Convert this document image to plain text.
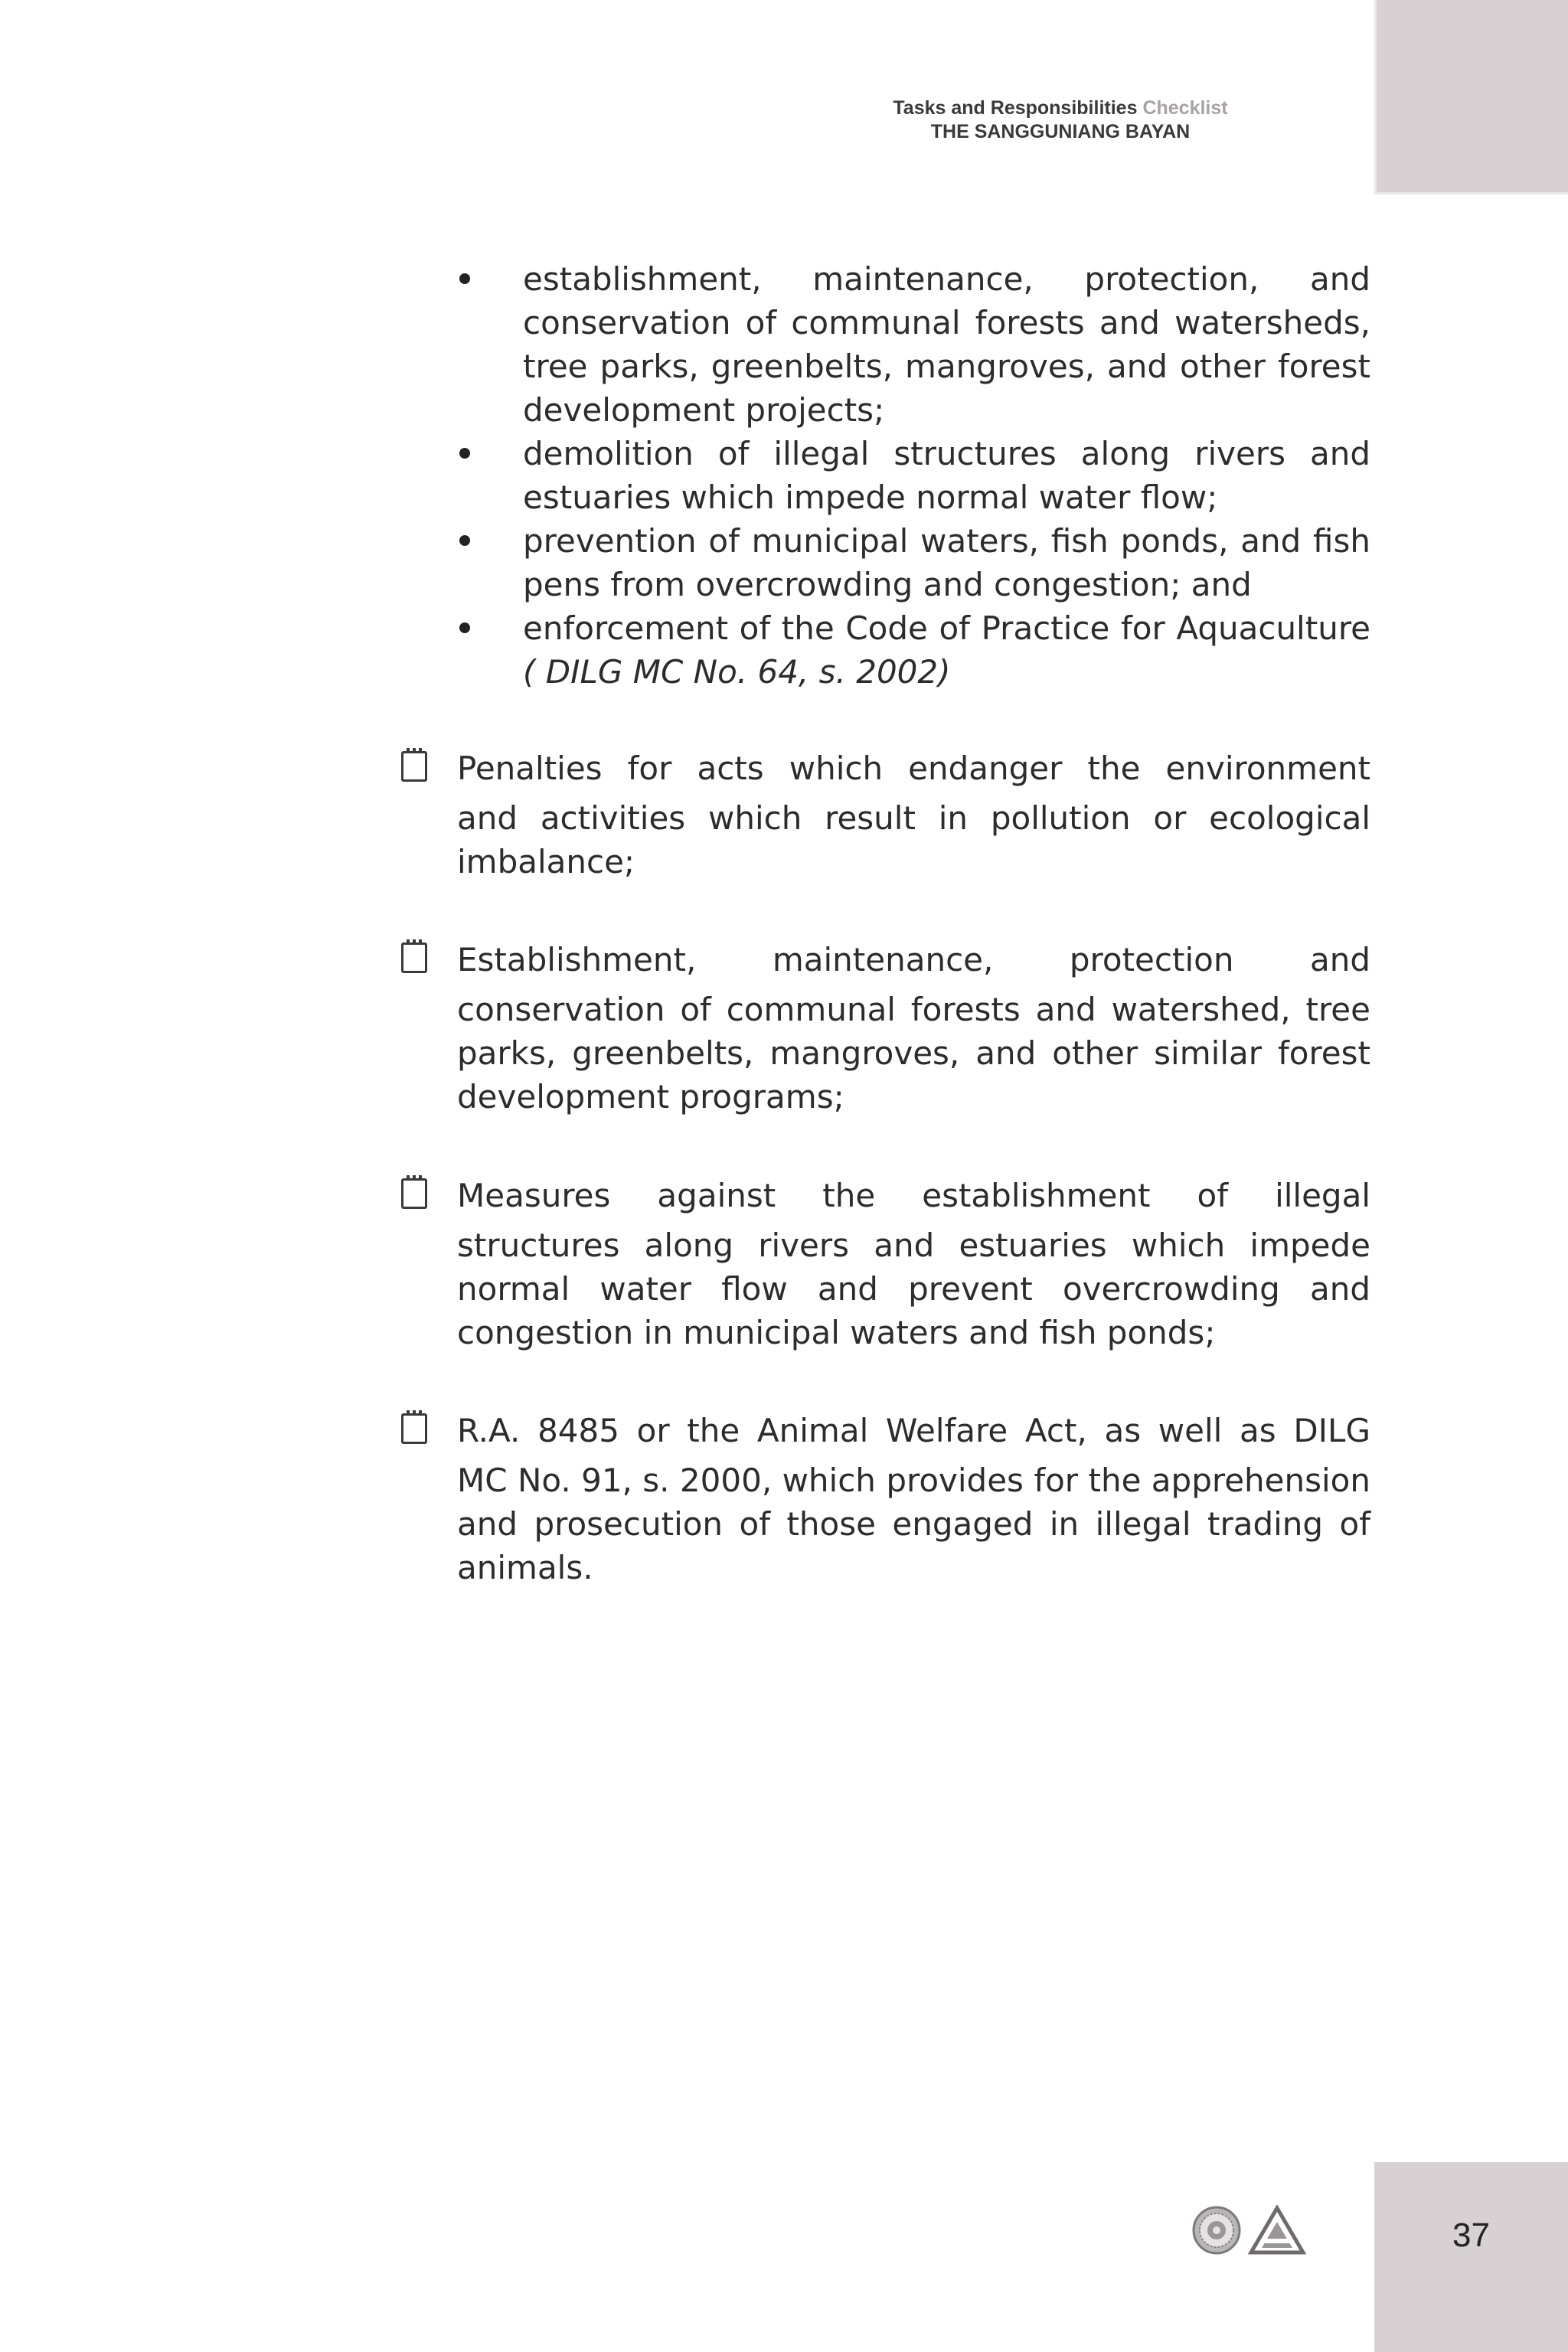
Tasks and Responsibilities Checklist
THE SANGGUNIANG BAYAN
establishment, maintenance, protection, and conservation of communal forests and watersheds, tree parks, greenbelts, mangroves, and other forest development projects;
demolition of illegal structures along rivers and estuaries which impede normal water flow;
prevention of municipal waters, fish ponds, and fish pens from overcrowding and congestion; and
enforcement of the Code of Practice for Aquaculture ( DILG MC No. 64, s. 2002)
Penalties for acts which endanger the environment
and activities which result in pollution or ecological imbalance;
Establishment, maintenance, protection and
conservation of communal forests and watershed, tree parks, greenbelts, mangroves, and other similar forest development programs;
Measures against the establishment of illegal
structures along rivers and estuaries which impede normal water flow and prevent overcrowding and congestion in municipal waters and fish ponds;
R.A. 8485 or the Animal Welfare Act, as well as DILG
MC No. 91, s. 2000, which provides for the apprehension and prosecution of those engaged in illegal trading of animals.
37
